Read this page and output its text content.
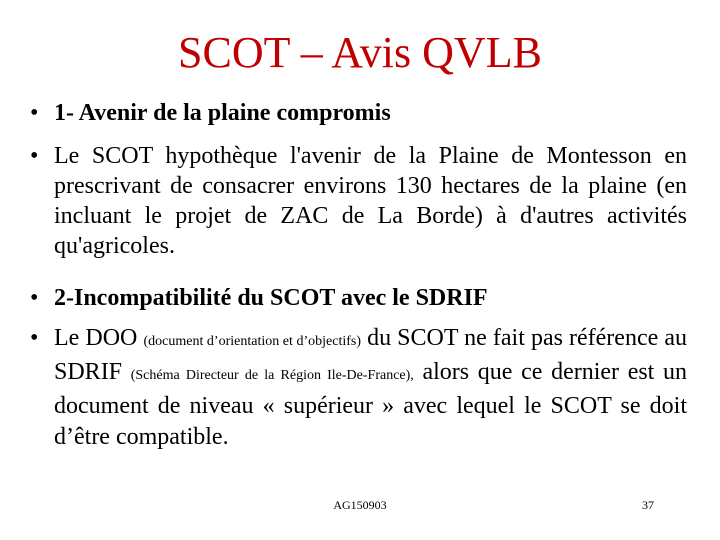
SCOT – Avis QVLB
• 1- Avenir de la plaine compromis
• Le SCOT hypothèque l'avenir de la Plaine de Montesson en prescrivant de consacrer environs 130 hectares de la plaine (en incluant le projet de ZAC de La Borde) à d'autres activités qu'agricoles.
• 2-Incompatibilité du SCOT avec le SDRIF
• Le DOO (document d’orientation et d’objectifs) du SCOT ne fait pas référence au SDRIF (Schéma Directeur de la Région Ile-De-France), alors que ce dernier est un document de niveau « supérieur » avec lequel le SCOT se doit d’être compatible.
AG150903	37
